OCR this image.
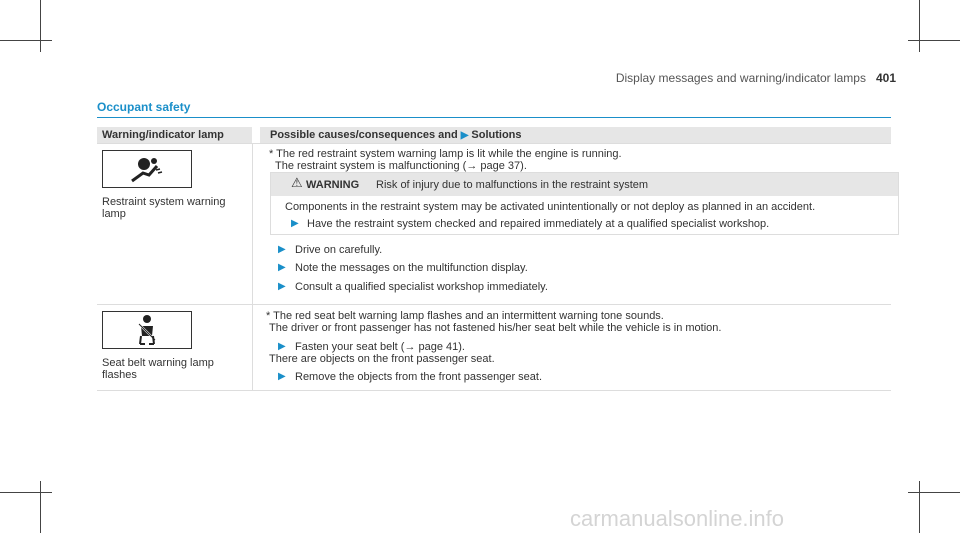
Display messages and warning/indicator lamps 401
Occupant safety
Warning/indicator lamp	Possible causes/consequences and ▶ Solutions
Restraint system warning lamp
* The red restraint system warning lamp is lit while the engine is running.
The restraint system is malfunctioning (→ page 37).
⚠ WARNING Risk of injury due to malfunctions in the restraint system
Components in the restraint system may be activated unintentionally or not deploy as planned in an accident.
▶ Have the restraint system checked and repaired immediately at a qualified specialist workshop.
▶ Drive on carefully.
▶ Note the messages on the multifunction display.
▶ Consult a qualified specialist workshop immediately.
Seat belt warning lamp flashes
* The red seat belt warning lamp flashes and an intermittent warning tone sounds.
The driver or front passenger has not fastened his/her seat belt while the vehicle is in motion.
▶ Fasten your seat belt (→ page 41).
There are objects on the front passenger seat.
▶ Remove the objects from the front passenger seat.
carmanualsonline.info
